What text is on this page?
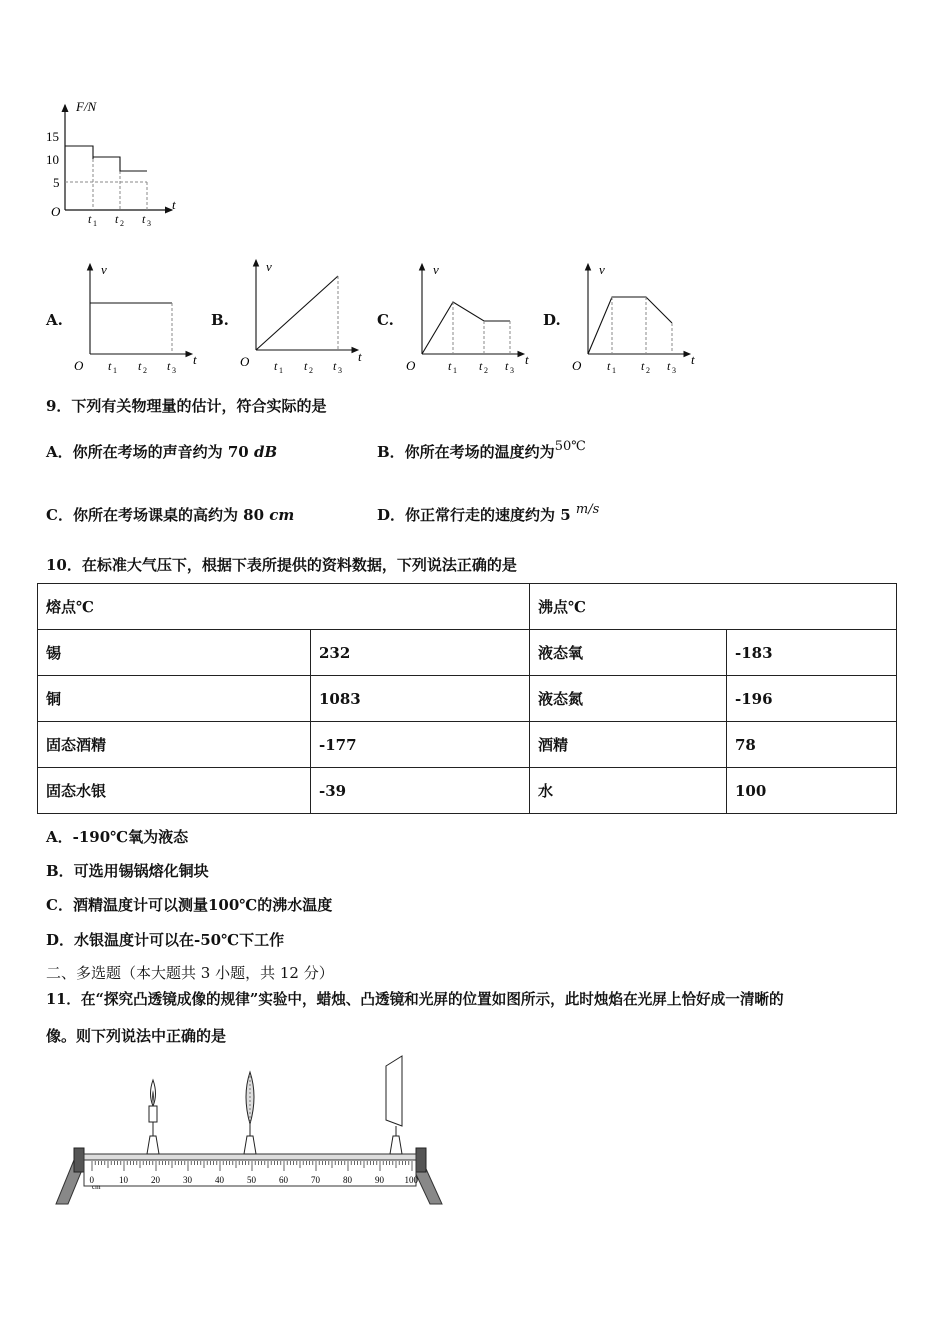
F/N
t
O
15
10
5
t 1 t 2 t 3
A.
v
t
O t 1 t 2 t 3
B.
v
t
O t 1 t 2 t 3
C.
v
t
O	t 1 t 2 t 3
D.
v
t
O t 1 t 2 t 3
9．下列有关物理量的估计，符合实际的是
A．你所在考场的声音约为 70 dB	B．你所在考场的温度约为50℃
C．你所在考场课桌的高约为 80 cm	D．你正常行走的速度约为 5 m/s
10．在标准大气压下，根据下表所提供的资料数据，下列说法正确的是
熔点℃		沸点℃	
锡	232	液态氧	-183
铜	1083	液态氮	-196
固态酒精	-177	酒精	78
固态水银	-39	水	100
A．-190℃氧为液态
B．可选用锡锅熔化铜块
C．酒精温度计可以测量100℃的沸水温度
D．水银温度计可以在-50℃下工作
二、多选题（本大题共 3 小题，共 12 分）
11．在“探究凸透镜成像的规律”实验中，蜡烛、凸透镜和光屏的位置如图所示，此时烛焰在光屏上恰好成一清晰的
像。则下列说法中正确的是
0	10	20	30	40	50	60	70	80	90 100
cm
